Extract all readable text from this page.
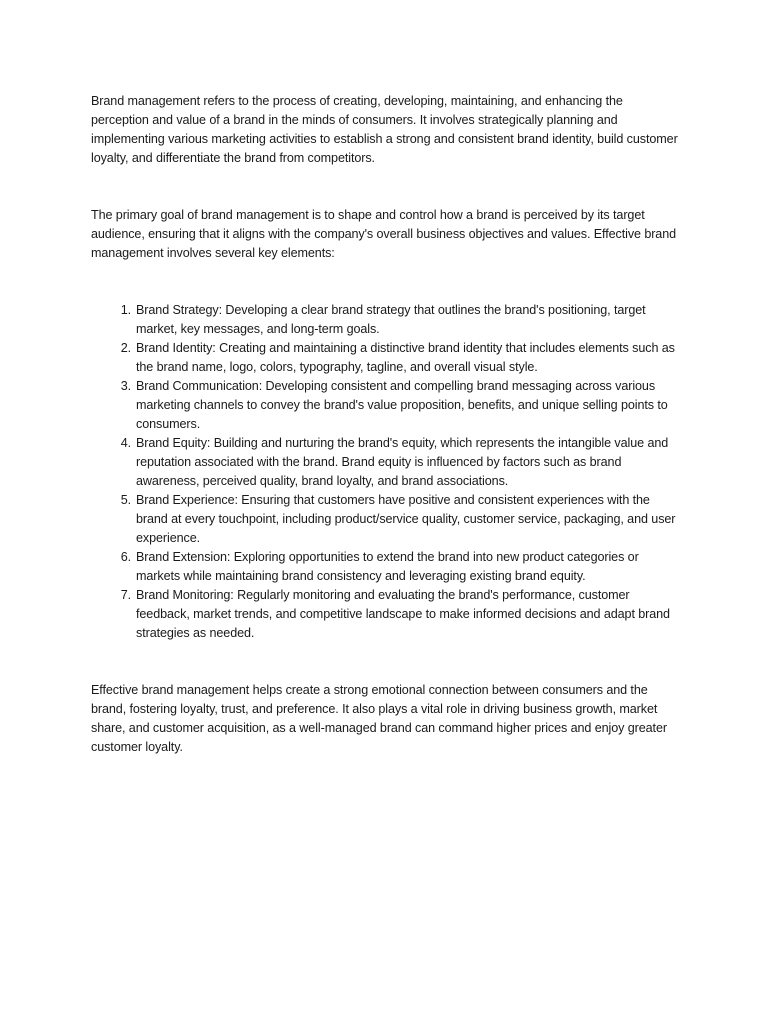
Brand management refers to the process of creating, developing, maintaining, and enhancing the perception and value of a brand in the minds of consumers. It involves strategically planning and implementing various marketing activities to establish a strong and consistent brand identity, build customer loyalty, and differentiate the brand from competitors.

The primary goal of brand management is to shape and control how a brand is perceived by its target audience, ensuring that it aligns with the company's overall business objectives and values. Effective brand management involves several key elements:

1. Brand Strategy: Developing a clear brand strategy that outlines the brand's positioning, target market, key messages, and long-term goals.
2. Brand Identity: Creating and maintaining a distinctive brand identity that includes elements such as the brand name, logo, colors, typography, tagline, and overall visual style.
3. Brand Communication: Developing consistent and compelling brand messaging across various marketing channels to convey the brand's value proposition, benefits, and unique selling points to consumers.
4. Brand Equity: Building and nurturing the brand's equity, which represents the intangible value and reputation associated with the brand. Brand equity is influenced by factors such as brand awareness, perceived quality, brand loyalty, and brand associations.
5. Brand Experience: Ensuring that customers have positive and consistent experiences with the brand at every touchpoint, including product/service quality, customer service, packaging, and user experience.
6. Brand Extension: Exploring opportunities to extend the brand into new product categories or markets while maintaining brand consistency and leveraging existing brand equity.
7. Brand Monitoring: Regularly monitoring and evaluating the brand's performance, customer feedback, market trends, and competitive landscape to make informed decisions and adapt brand strategies as needed.

Effective brand management helps create a strong emotional connection between consumers and the brand, fostering loyalty, trust, and preference. It also plays a vital role in driving business growth, market share, and customer acquisition, as a well-managed brand can command higher prices and enjoy greater customer loyalty.
